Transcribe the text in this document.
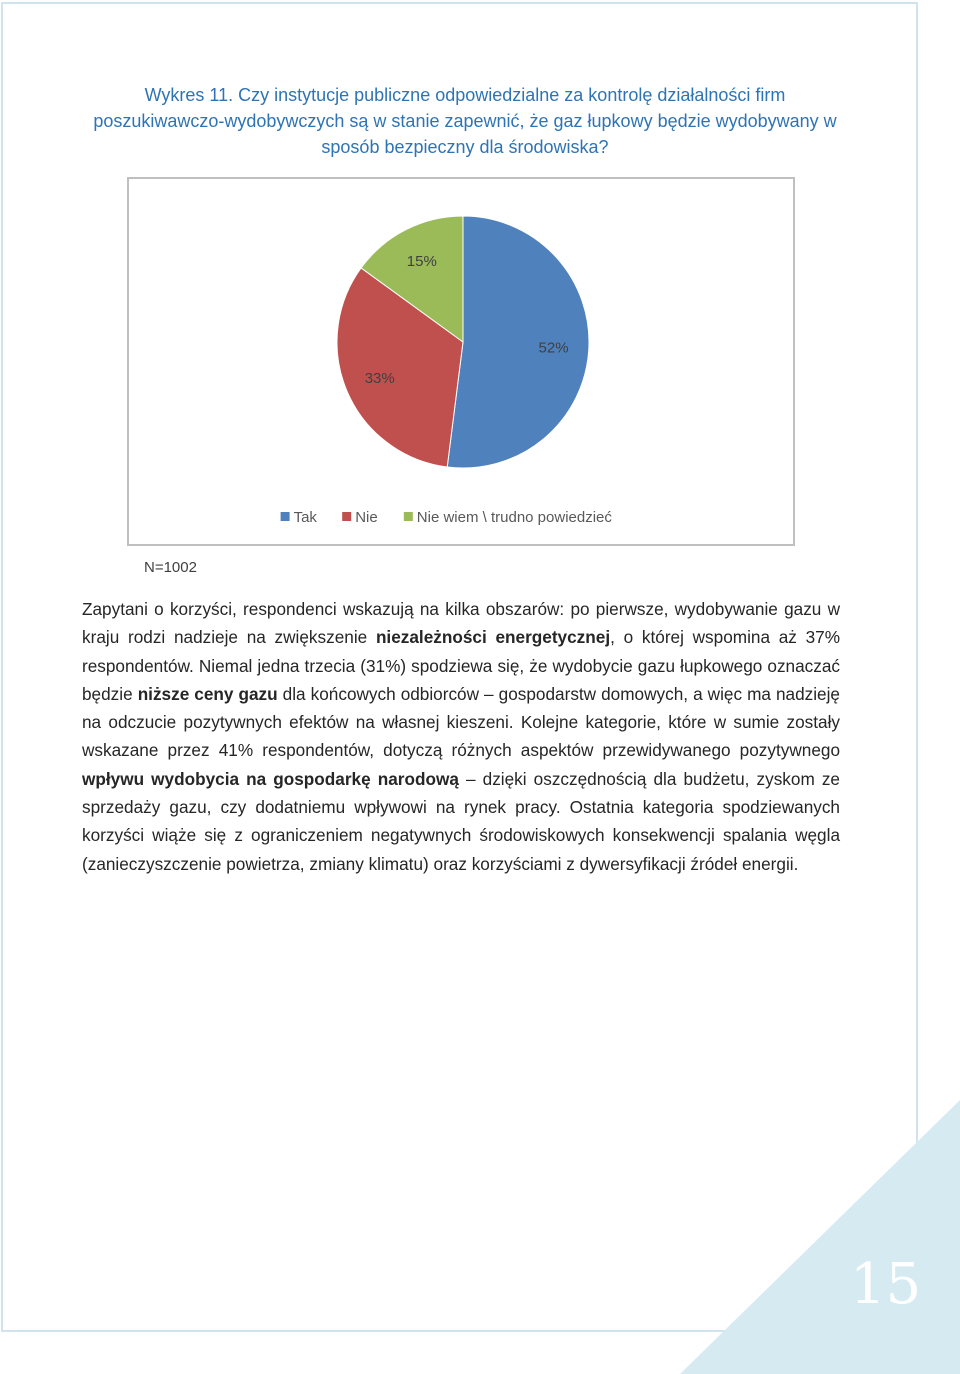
Wykres 11. Czy instytucje publiczne odpowiedzialne za kontrolę działalności firm poszukiwawczo-wydobywczych są w stanie zapewnić, że gaz łupkowy będzie wydobywany w sposób bezpieczny dla środowiska?
52%
33%
15%
Tak	Nie	Nie wiem \ trudno powiedzieć
N=1002
Zapytani o korzyści, respondenci wskazują na kilka obszarów: po pierwsze, wydobywanie gazu w kraju rodzi nadzieje na zwiększenie niezależności energetycznej, o której wspomina aż 37% respondentów. Niemal jedna trzecia (31%) spodziewa się, że wydobycie gazu łupkowego oznaczać będzie niższe ceny gazu dla końcowych odbiorców – gospodarstw domowych, a więc ma nadzieję na odczucie pozytywnych efektów na własnej kieszeni. Kolejne kategorie, które w sumie zostały wskazane przez 41% respondentów, dotyczą różnych aspektów przewidywanego pozytywnego wpływu wydobycia na gospodarkę narodową – dzięki oszczędnością dla budżetu, zyskom ze sprzedaży gazu, czy dodatniemu wpływowi na rynek pracy. Ostatnia kategoria spodziewanych korzyści wiąże się z ograniczeniem negatywnych środowiskowych konsekwencji spalania węgla (zanieczyszczenie powietrza, zmiany klimatu) oraz korzyściami z dywersyfikacji źródeł energii.
15
